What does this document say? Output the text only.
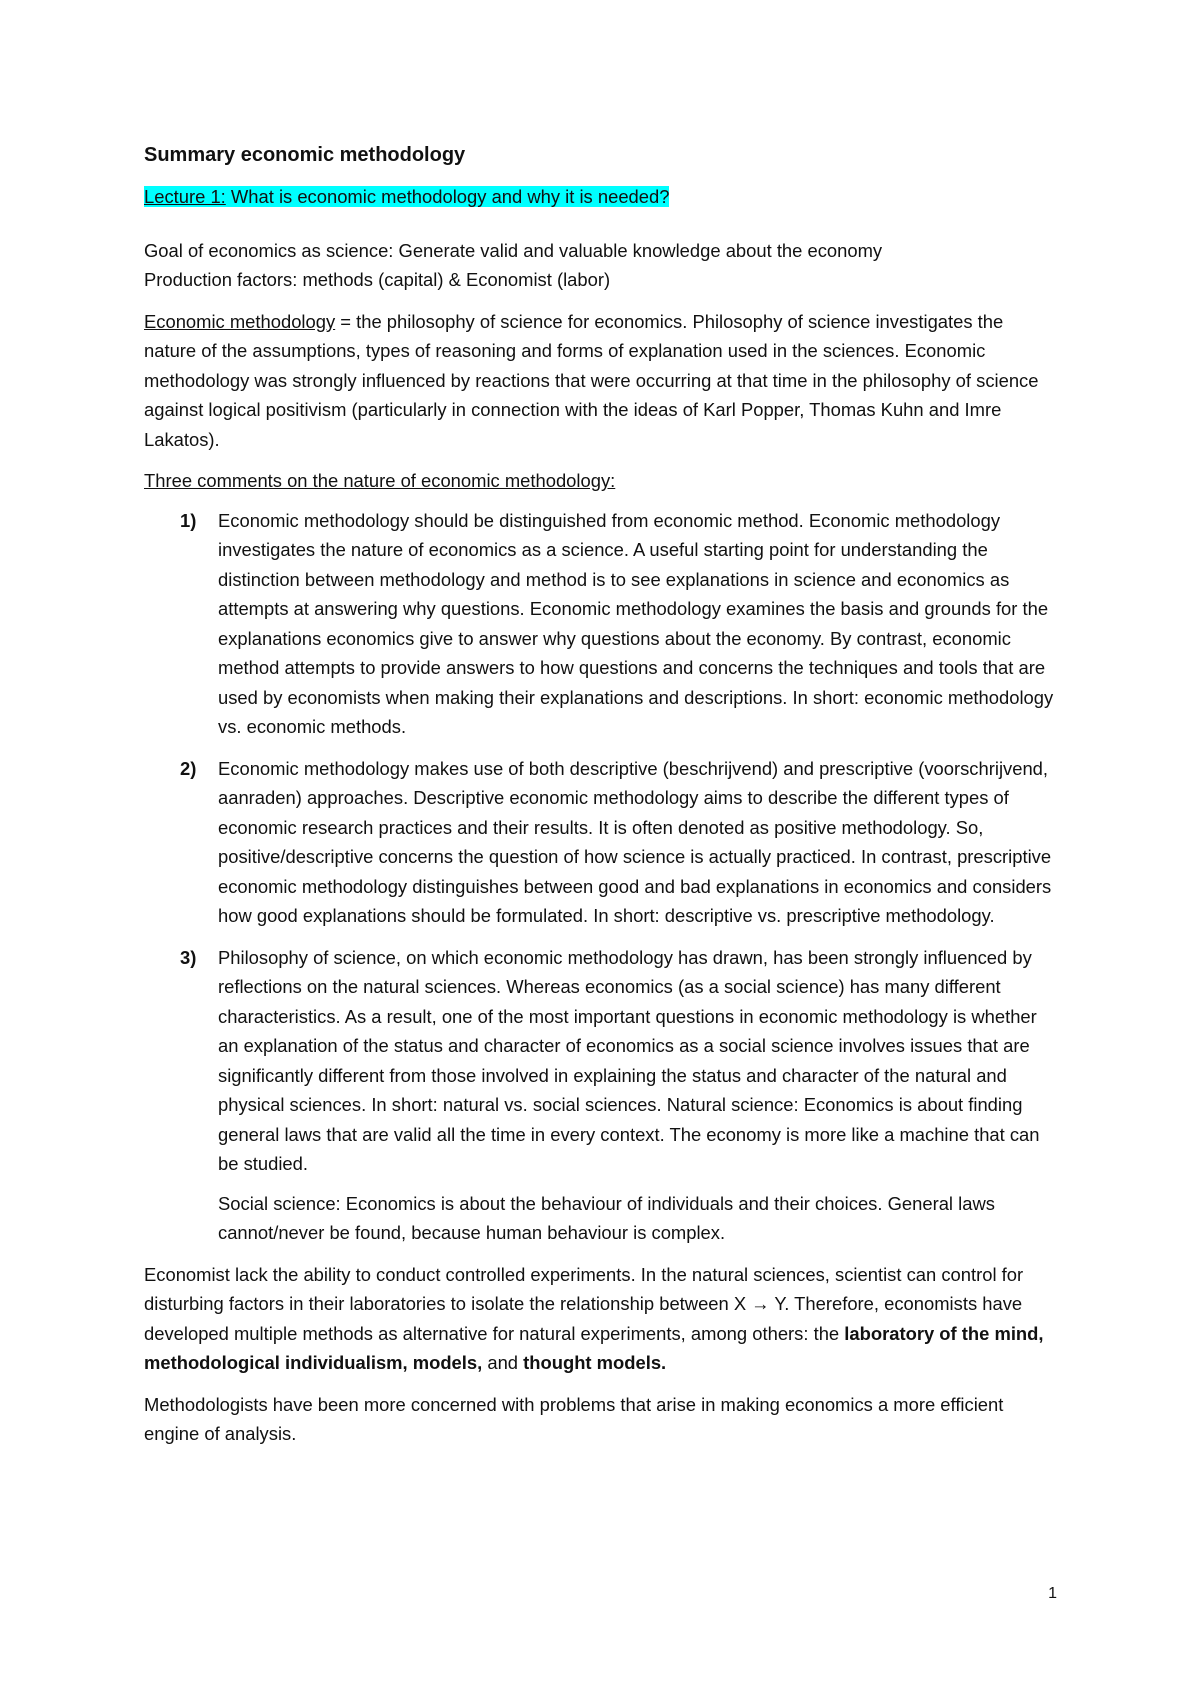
Summary economic methodology
Lecture 1: What is economic methodology and why it is needed?

Goal of economics as science: Generate valid and valuable knowledge about the economy

Production factors: methods (capital) & Economist (labor)

Economic methodology = the philosophy of science for economics. Philosophy of science investigates the nature of the assumptions, types of reasoning and forms of explanation used in the sciences. Economic methodology was strongly influenced by reactions that were occurring at that time in the philosophy of science against logical positivism (particularly in connection with the ideas of Karl Popper, Thomas Kuhn and Imre Lakatos).

Three comments on the nature of economic methodology:

1) Economic methodology should be distinguished from economic method. Economic methodology investigates the nature of economics as a science. A useful starting point for understanding the distinction between methodology and method is to see explanations in science and economics as attempts at answering why questions. Economic methodology examines the basis and grounds for the explanations economics give to answer why questions about the economy. By contrast, economic method attempts to provide answers to how questions and concerns the techniques and tools that are used by economists when making their explanations and descriptions. In short: economic methodology vs. economic methods.

2) Economic methodology makes use of both descriptive (beschrijvend) and prescriptive (voorschrijvend, aanraden) approaches. Descriptive economic methodology aims to describe the different types of economic research practices and their results. It is often denoted as positive methodology. So, positive/descriptive concerns the question of how science is actually practiced. In contrast, prescriptive economic methodology distinguishes between good and bad explanations in economics and considers how good explanations should be formulated. In short: descriptive vs. prescriptive methodology.

3) Philosophy of science, on which economic methodology has drawn, has been strongly influenced by reflections on the natural sciences. Whereas economics (as a social science) has many different characteristics. As a result, one of the most important questions in economic methodology is whether an explanation of the status and character of economics as a social science involves issues that are significantly different from those involved in explaining the status and character of the natural and physical sciences. In short: natural vs. social sciences. Natural science: Economics is about finding general laws that are valid all the time in every context. The economy is more like a machine that can be studied.

Social science: Economics is about the behaviour of individuals and their choices. General laws cannot/never be found, because human behaviour is complex.

Economist lack the ability to conduct controlled experiments. In the natural sciences, scientist can control for disturbing factors in their laboratories to isolate the relationship between X → Y. Therefore, economists have developed multiple methods as alternative for natural experiments, among others: the laboratory of the mind, methodological individualism, models, and thought models.

Methodologists have been more concerned with problems that arise in making economics a more efficient engine of analysis.

1
